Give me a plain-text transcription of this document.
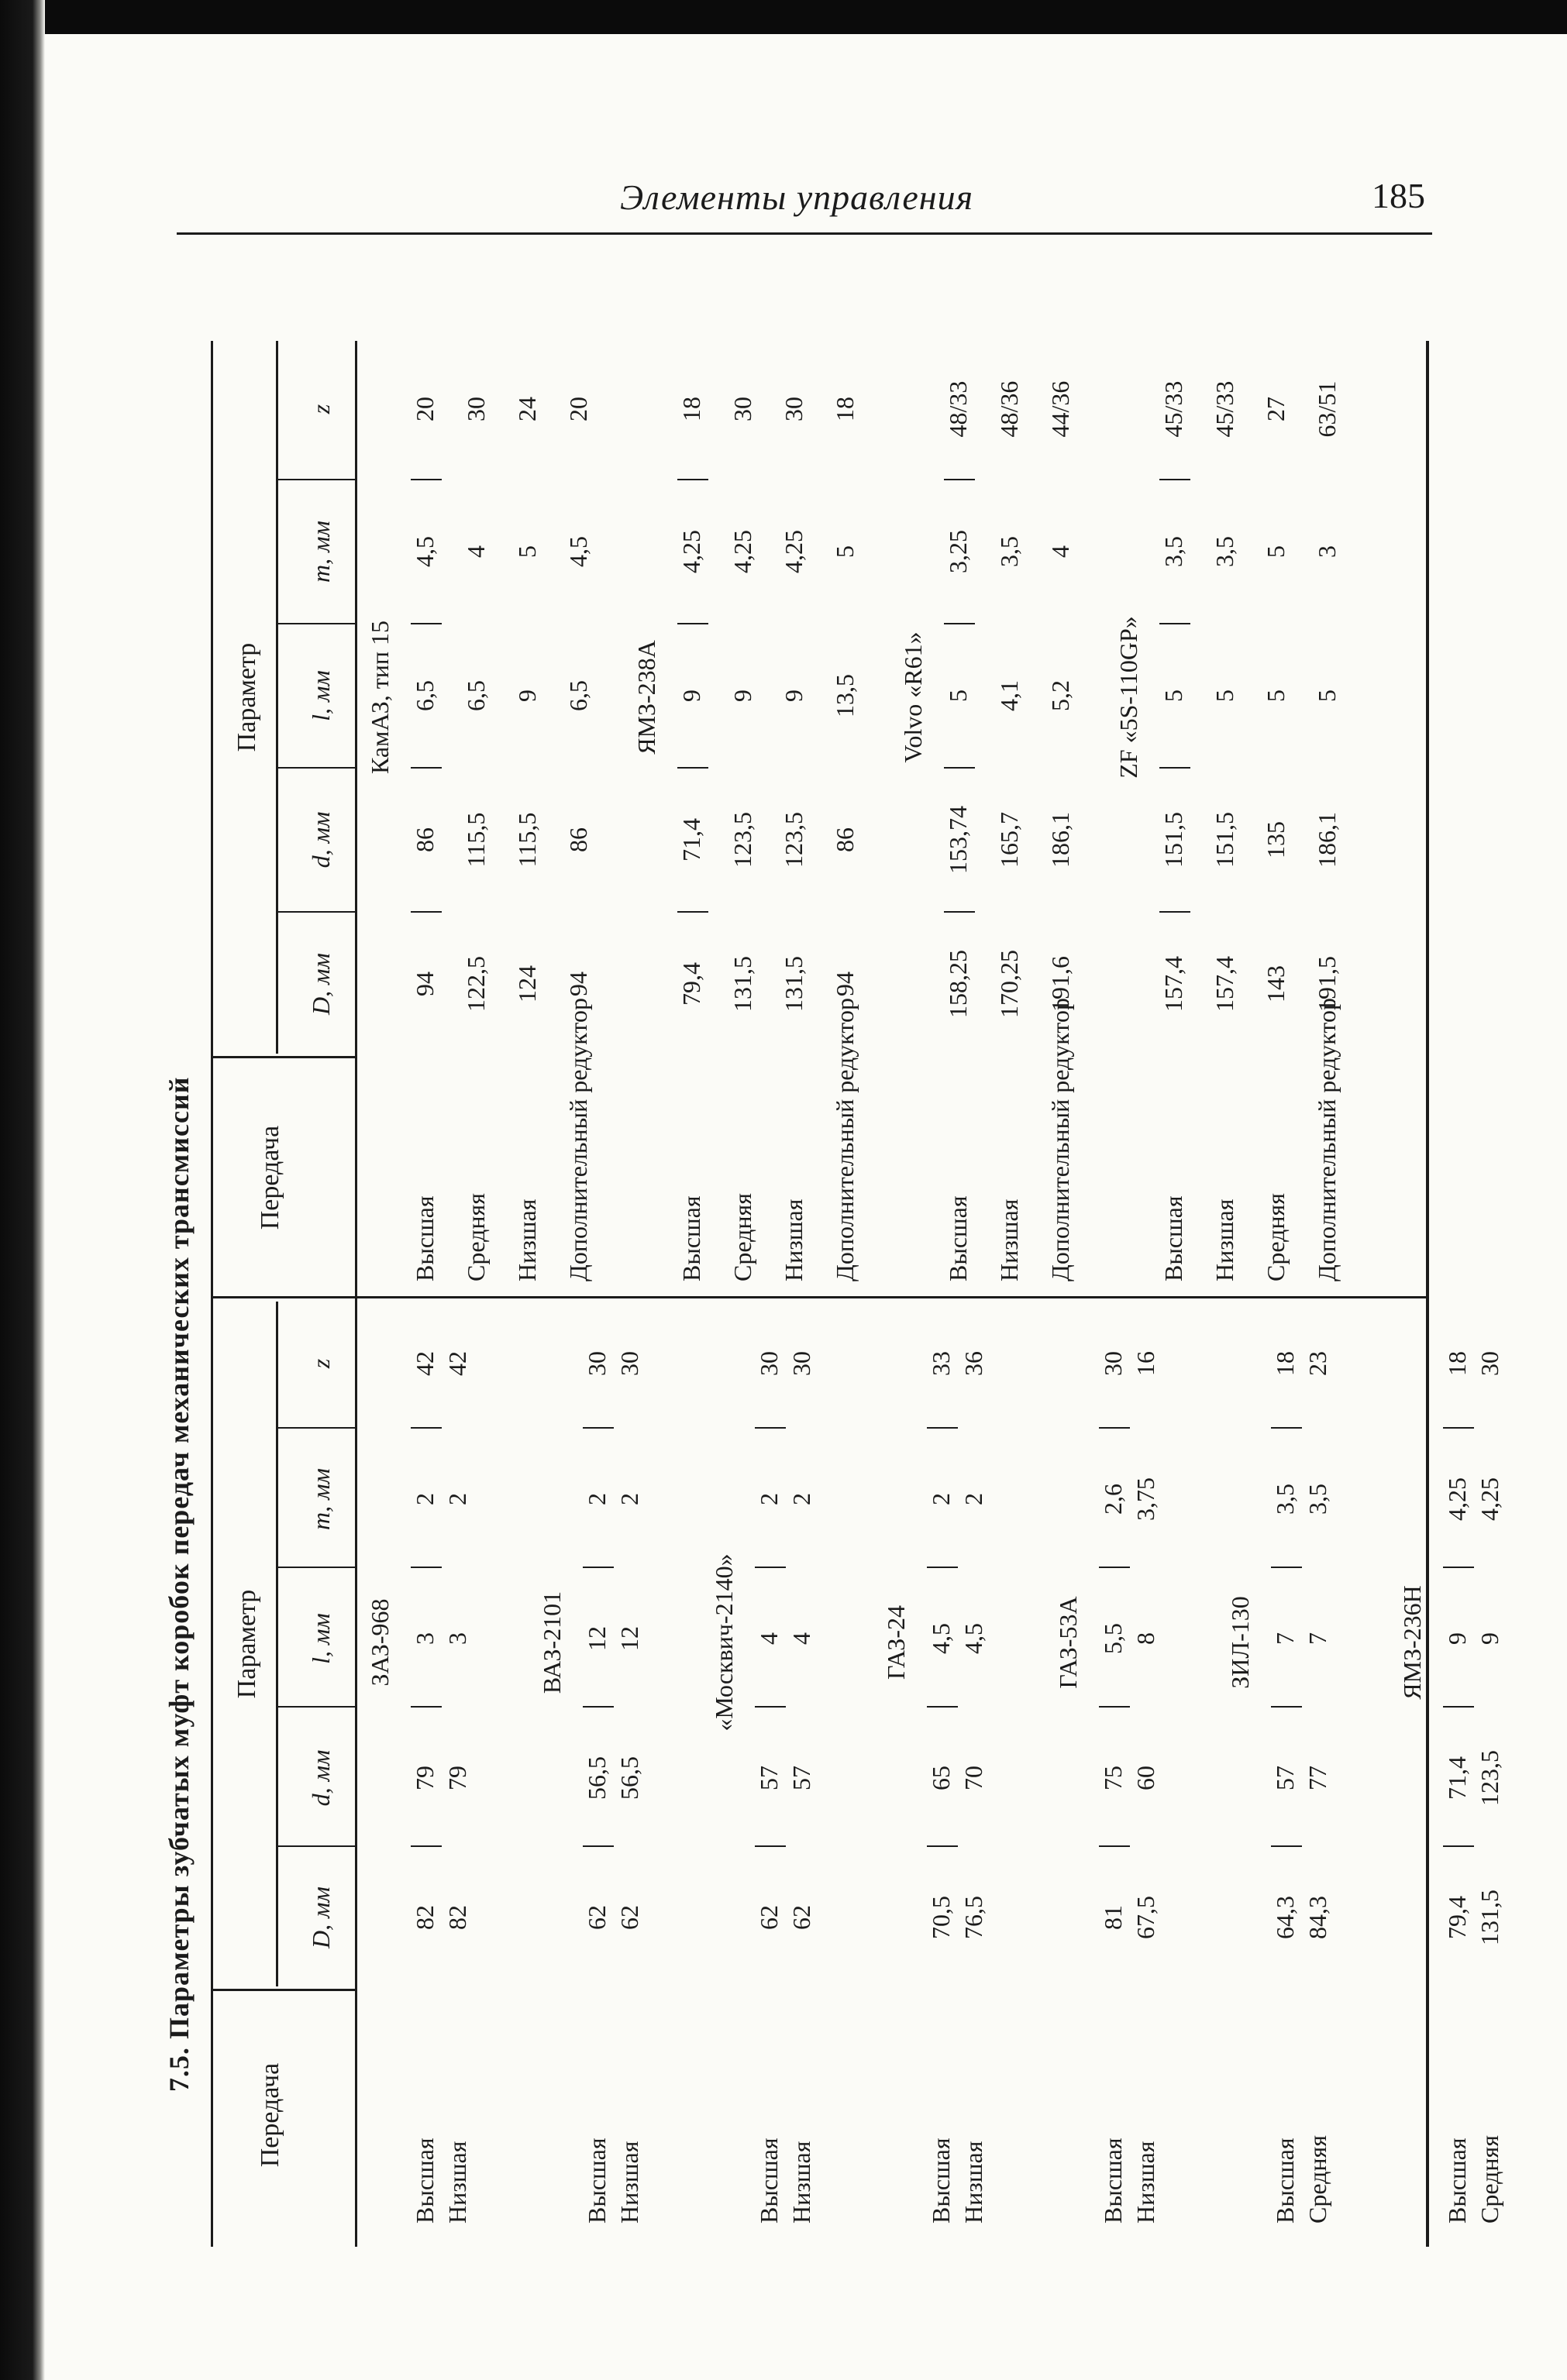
Элементы управления	185
7.5. Параметры зубчатых муфт коробок передач механических трансмиссий
Передача
Параметр
Передача
Параметр
D, мм
d, мм
l, мм
m, мм
z
D, мм
d, мм
l, мм
m, мм
z
ЗАЗ-968
Высшая
82
79
3
2
42
Низшая
82
79
3
2
42
ВАЗ-2101
Высшая
62
56,5
12
2
30
Низшая
62
56,5
12
2
30
«Москвич-2140»
Высшая
62
57
4
2
30
Низшая
62
57
4
2
30
ГАЗ-24
Высшая
70,5
65
4,5
2
33
Низшая
76,5
70
4,5
2
36
ГАЗ-53А
Высшая
81
75
5,5
2,6
30
Низшая
67,5
60
8
3,75
16
ЗИЛ-130
Высшая
64,3
57
7
3,5
18
Средняя
84,3
77
7
3,5
23
ЯМЗ-236Н
Высшая
79,4
71,4
9
4,25
18
Средняя
131,5
123,5
9
4,25
30
КамАЗ, тип 15
Высшая
94
86
6,5
4,5
20
Средняя
122,5
115,5
6,5
4
30
Низшая
124
115,5
9
5
24
Дополнительный редуктор
94
86
6,5
4,5
20
ЯМЗ-238А
Высшая
79,4
71,4
9
4,25
18
Средняя
131,5
123,5
9
4,25
30
Низшая
131,5
123,5
9
4,25
30
Дополнительный редуктор
94
86
13,5
5
18
Volvo «R61»
Высшая
158,25
153,74
5
3,25
48/33
Низшая
170,25
165,7
4,1
3,5
48/36
Дополнительный редуктор
191,6
186,1
5,2
4
44/36
ZF «5S-110GP»
Высшая
157,4
151,5
5
3,5
45/33
Низшая
157,4
151,5
5
3,5
45/33
Средняя
143
135
5
5
27
Дополнительный редуктор
191,5
186,1
5
3
63/51
